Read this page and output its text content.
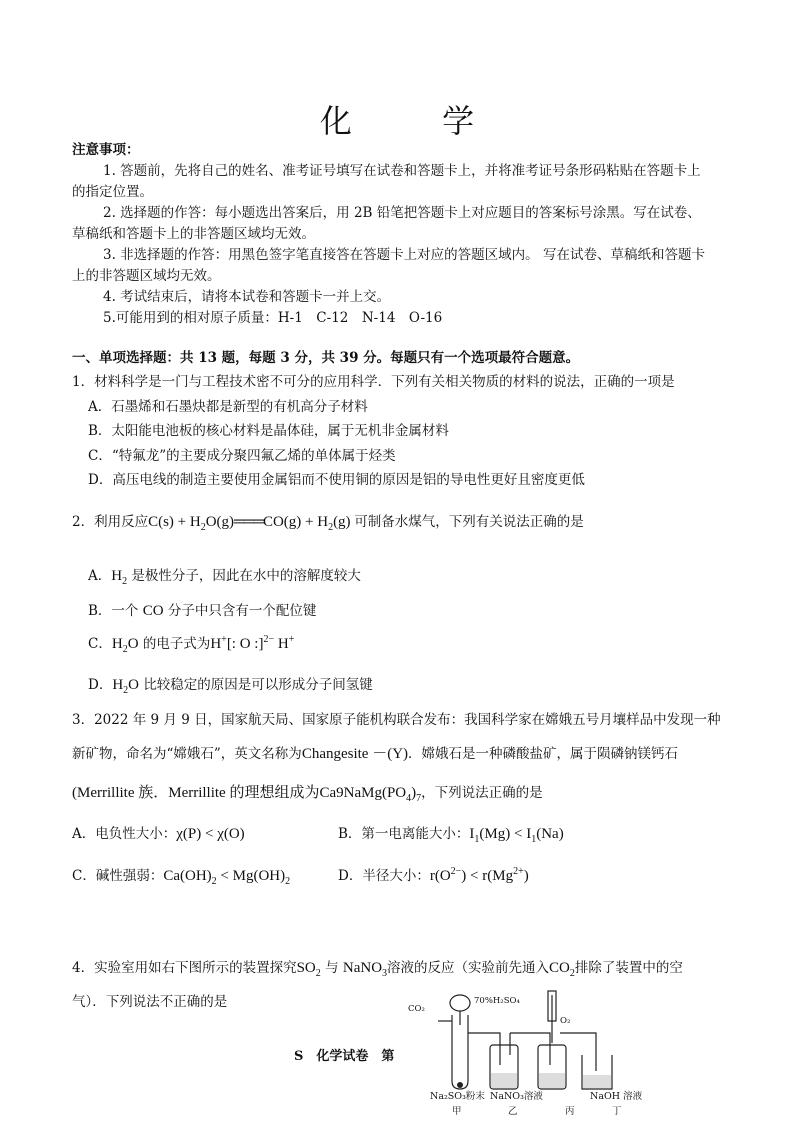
化 学
注意事项：
1. 答题前，先将自己的姓名、准考证号填写在试卷和答题卡上，并将准考证号条形码粘贴在答题卡上
的指定位置。
2. 选择题的作答：每小题选出答案后，用 2B 铅笔把答题卡上对应题目的答案标号涂黑。写在试卷、
草稿纸和答题卡上的非答题区域均无效。
3. 非选择题的作答：用黑色签字笔直接答在答题卡上对应的答题区域内。 写在试卷、草稿纸和答题卡
上的非答题区域均无效。
4. 考试结束后，请将本试卷和答题卡一并上交。
5.可能用到的相对原子质量：H-1　C-12　N-14　O-16
一、单项选择题：共 13 题，每题 3 分，共 39 分。每题只有一个选项最符合题意。
1．材料科学是一门与工程技术密不可分的应用科学．下列有关相关物质的材料的说法，正确的一项是
A．石墨烯和石墨炔都是新型的有机高分子材料
B．太阳能电池板的核心材料是晶体硅，属于无机非金属材料
C．“特氟龙”的主要成分聚四氟乙烯的单体属于烃类
D．高压电线的制造主要使用金属铝而不使用铜的原因是铝的导电性更好且密度更低
2．利用反应$C(s) + H_2O(g)═══CO(g) + H_2(g)$ 可制备水煤气，下列有关说法正确的是
A．$H_2$ 是极性分子，因此在水中的溶解度较大
B．一个 CO 分子中只含有一个配位键
C．$H_2O$ 的电子式为H+[: O :]$^{2-}$ H+
D．$H_2O$ 比较稳定的原因是可以形成分子间氢键
3．2022 年 9 月 9 日，国家航天局、国家原子能机构联合发布：我国科学家在嫦娥五号月壤样品中发现一种
新矿物，命名为“嫦娥石”，英文名称为Changesite －(Y)．嫦娥石是一种磷酸盐矿，属于陨磷钠镁钙石
(Merrillite 族．Merrillite 的理想组成为$Ca9NaMg(PO_4)_7$，下列说法正确的是
A．电负性大小：χ(P) < χ(O)	B．第一电离能大小：$I_1(Mg) < I_1(Na)$
C．碱性强弱：$Ca(OH)_2 < Mg(OH)_2$	D．半径大小：$r(O^{2-}) < r(Mg^{2+})$
4．实验室用如右下图所示的装置探究$SO_2$ 与 NaNO$_3$溶液的反应（实验前先通入$CO_2$排除了装置中的空
气）．下列说法不正确的是	CO₂
70%H₂SO₄
O₂
Na₂SO₃粉末 NaNO₃溶液	NaOH 溶液
甲	乙	丙	丁
S　化学试卷　第
